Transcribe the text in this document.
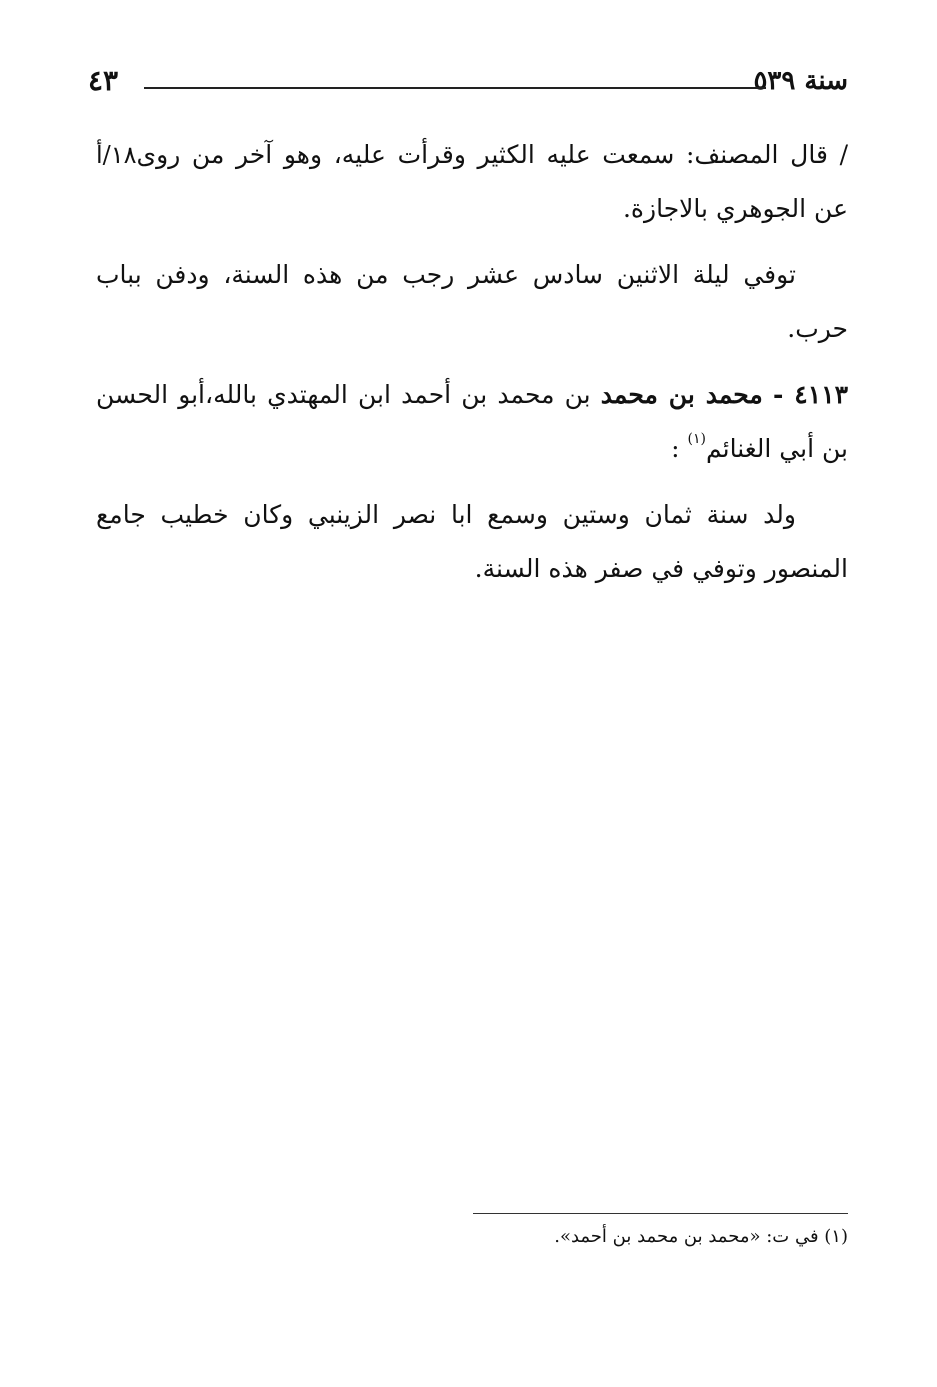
سنة ٥٣٩
٤٣

١٨/أ / قال المصنف: سمعت عليه الكثير وقرأت عليه، وهو آخر من روى عن الجوهري بالاجازة.

توفي ليلة الاثنين سادس عشر رجب من هذه السنة، ودفن بباب حرب.

٤١١٣ - محمد بن محمد بن محمد بن أحمد ابن المهتدي بالله،أبو الحسن بن أبي الغنائم$^{(١)}$ :

ولد سنة ثمان وستين وسمع ابا نصر الزينبي وكان خطيب جامع المنصور وتوفي في صفر هذه السنة.

(١) في ت: «محمد بن محمد بن أحمد».
